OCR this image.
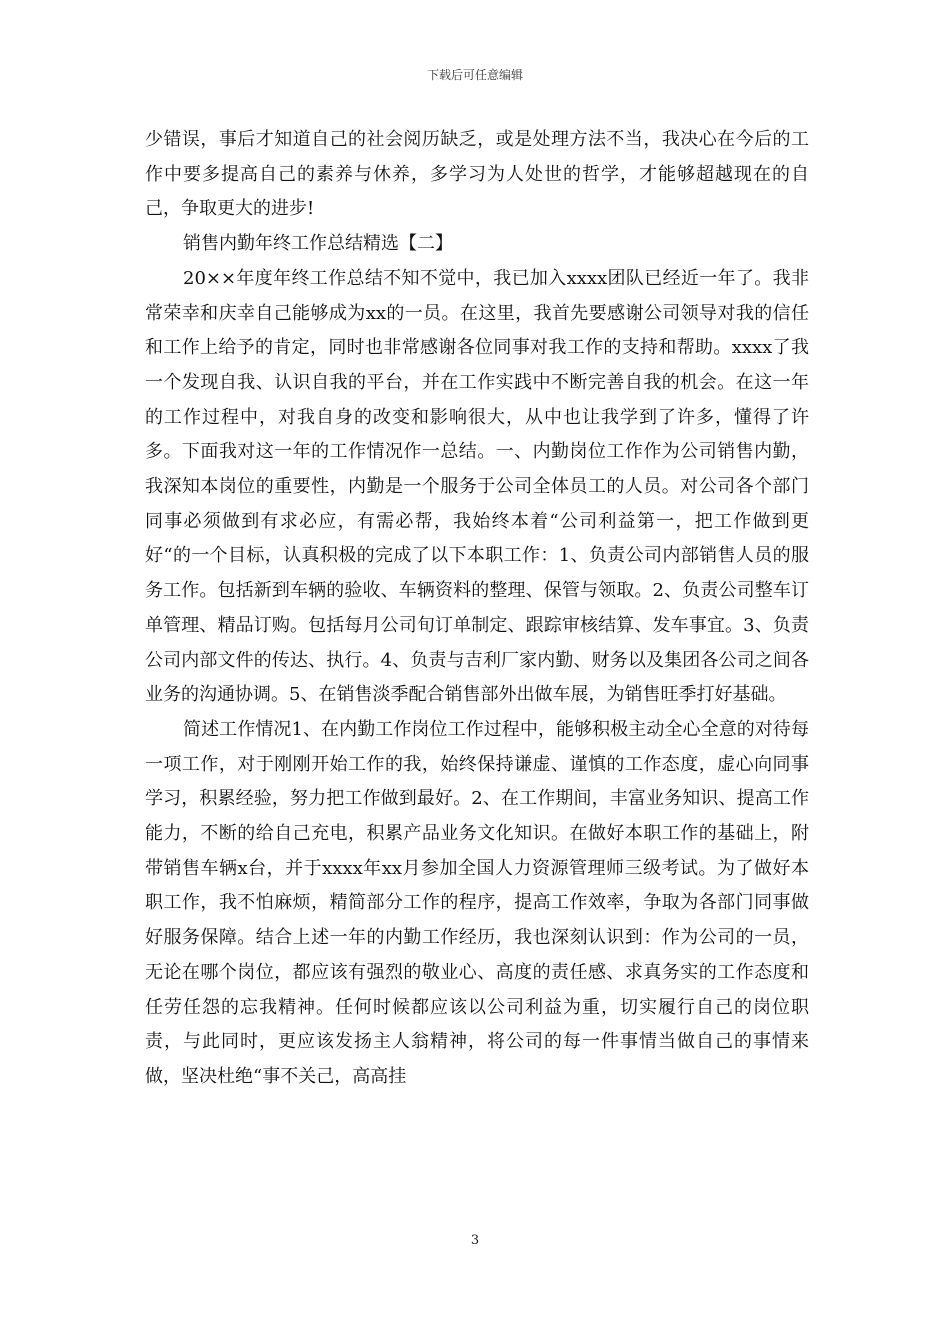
下载后可任意编辑

少错误，事后才知道自己的社会阅历缺乏，或是处理方法不当，我决心在今后的工作中要多提高自己的素养与休养，多学习为人处世的哲学，才能够超越现在的自己，争取更大的进步!

销售内勤年终工作总结精选【二】

20××年度年终工作总结不知不觉中，我已加入xxxx团队已经近一年了。我非常荣幸和庆幸自己能够成为xx的一员。在这里，我首先要感谢公司领导对我的信任和工作上给予的肯定，同时也非常感谢各位同事对我工作的支持和帮助。xxxx了我一个发现自我、认识自我的平台，并在工作实践中不断完善自我的机会。在这一年的工作过程中，对我自身的改变和影响很大，从中也让我学到了许多，懂得了许多。下面我对这一年的工作情况作一总结。一、内勤岗位工作作为公司销售内勤，我深知本岗位的重要性，内勤是一个服务于公司全体员工的人员。对公司各个部门同事必须做到有求必应，有需必帮，我始终本着“公司利益第一，把工作做到更好“的一个目标，认真积极的完成了以下本职工作：1、负责公司内部销售人员的服务工作。包括新到车辆的验收、车辆资料的整理、保管与领取。2、负责公司整车订单管理、精品订购。包括每月公司旬订单制定、跟踪审核结算、发车事宜。3、负责公司内部文件的传达、执行。4、负责与吉利厂家内勤、财务以及集团各公司之间各业务的沟通协调。5、在销售淡季配合销售部外出做车展，为销售旺季打好基础。

简述工作情况1、在内勤工作岗位工作过程中，能够积极主动全心全意的对待每一项工作，对于刚刚开始工作的我，始终保持谦虚、谨慎的工作态度，虚心向同事学习，积累经验，努力把工作做到最好。2、在工作期间，丰富业务知识、提高工作能力，不断的给自己充电，积累产品业务文化知识。在做好本职工作的基础上，附带销售车辆x台，并于xxxx年xx月参加全国人力资源管理师三级考试。为了做好本职工作，我不怕麻烦，精简部分工作的程序，提高工作效率，争取为各部门同事做好服务保障。结合上述一年的内勤工作经历，我也深刻认识到：作为公司的一员，无论在哪个岗位，都应该有强烈的敬业心、高度的责任感、求真务实的工作态度和任劳任怨的忘我精神。任何时候都应该以公司利益为重，切实履行自己的岗位职责，与此同时，更应该发扬主人翁精神，将公司的每一件事情当做自己的事情来做，坚决杜绝“事不关己，高高挂

3
